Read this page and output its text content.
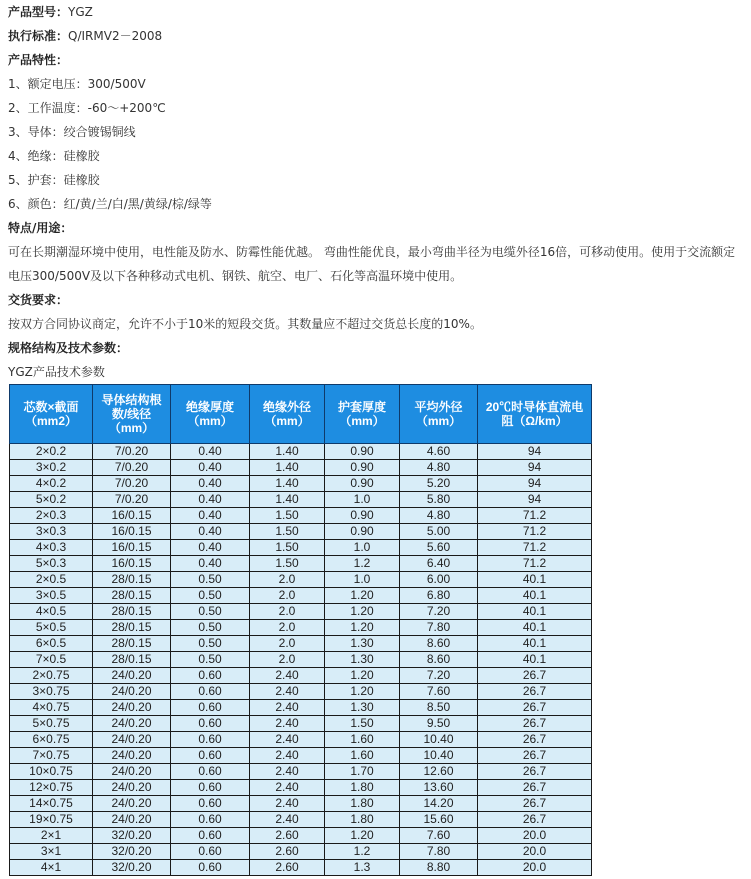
产品型号：YGZ
执行标准：Q/IRMV2－2008
产品特性：
1、额定电压：300/500V
2、工作温度：-60～+200℃
3、导体：绞合镀锡铜线
4、绝缘：硅橡胶
5、护套：硅橡胶
6、颜色：红/黄/兰/白/黑/黄绿/棕/绿等
特点/用途：
可在长期潮湿环境中使用，电性能及防水、防霉性能优越。 弯曲性能优良，最小弯曲半径为电缆外径16倍，可移动使用。使用于交流额定电压300/500V及以下各种移动式电机、钢铁、航空、电厂、石化等高温环境中使用。
交货要求：
按双方合同协议商定，允许不小于10米的短段交货。其数量应不超过交货总长度的10%。
规格结构及技术参数：
YGZ产品技术参数
芯数×截面（mm2）	导体结构根数/线径（mm）	绝缘厚度（mm）	绝缘外径（mm）	护套厚度（mm）	平均外径（mm）	20℃时导体直流电阻（Ω/km）
2×0.2	7/0.20	0.40	1.40	0.90	4.60	94
3×0.2	7/0.20	0.40	1.40	0.90	4.80	94
4×0.2	7/0.20	0.40	1.40	0.90	5.20	94
5×0.2	7/0.20	0.40	1.40	1.0	5.80	94
2×0.3	16/0.15	0.40	1.50	0.90	4.80	71.2
3×0.3	16/0.15	0.40	1.50	0.90	5.00	71.2
4×0.3	16/0.15	0.40	1.50	1.0	5.60	71.2
5×0.3	16/0.15	0.40	1.50	1.2	6.40	71.2
2×0.5	28/0.15	0.50	2.0	1.0	6.00	40.1
3×0.5	28/0.15	0.50	2.0	1.20	6.80	40.1
4×0.5	28/0.15	0.50	2.0	1.20	7.20	40.1
5×0.5	28/0.15	0.50	2.0	1.20	7.80	40.1
6×0.5	28/0.15	0.50	2.0	1.30	8.60	40.1
7×0.5	28/0.15	0.50	2.0	1.30	8.60	40.1
2×0.75	24/0.20	0.60	2.40	1.20	7.20	26.7
3×0.75	24/0.20	0.60	2.40	1.20	7.60	26.7
4×0.75	24/0.20	0.60	2.40	1.30	8.50	26.7
5×0.75	24/0.20	0.60	2.40	1.50	9.50	26.7
6×0.75	24/0.20	0.60	2.40	1.60	10.40	26.7
7×0.75	24/0.20	0.60	2.40	1.60	10.40	26.7
10×0.75	24/0.20	0.60	2.40	1.70	12.60	26.7
12×0.75	24/0.20	0.60	2.40	1.80	13.60	26.7
14×0.75	24/0.20	0.60	2.40	1.80	14.20	26.7
19×0.75	24/0.20	0.60	2.40	1.80	15.60	26.7
2×1	32/0.20	0.60	2.60	1.20	7.60	20.0
3×1	32/0.20	0.60	2.60	1.2	7.80	20.0
4×1	32/0.20	0.60	2.60	1.3	8.80	20.0
